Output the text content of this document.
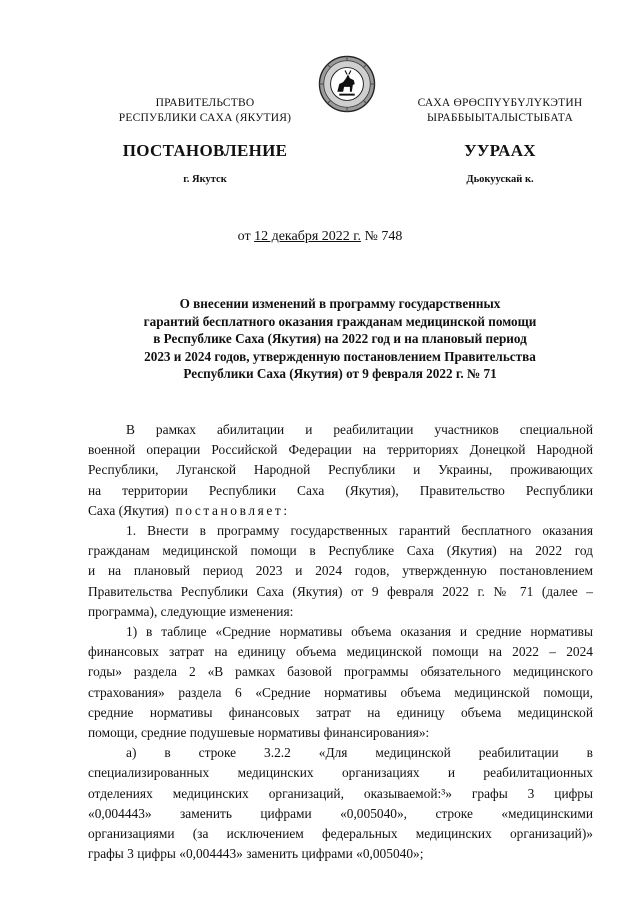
ПРАВИТЕЛЬСТВО
РЕСПУБЛИКИ САХА (ЯКУТИЯ)
САХА ӨРӨСПҮҮБҮЛҮКЭТИН
ЫРАББЫЫТАЛЫСТЫБАТА
ПОСТАНОВЛЕНИЕ	УУРААХ
г. Якутск	Дьокуускай к.
от 12 декабря 2022 г. № 748
О внесении изменений в программу государственных
гарантий бесплатного оказания гражданам медицинской помощи
в Республике Саха (Якутия) на 2022 год и на плановый период
2023 и 2024 годов, утвержденную постановлением Правительства
Республики Саха (Якутия) от 9 февраля 2022 г. № 71
В рамках абилитации и реабилитации участников специальной
военной операции Российской Федерации на территориях Донецкой Народной
Республики, Луганской Народной Республики и Украины, проживающих
на территории Республики Саха (Якутия), Правительство Республики
Саха (Якутия) постановляет:
1. Внести в программу государственных гарантий бесплатного оказания
гражданам медицинской помощи в Республике Саха (Якутия) на 2022 год
и на плановый период 2023 и 2024 годов, утвержденную постановлением
Правительства Республики Саха (Якутия) от 9 февраля 2022 г. № 71 (далее –
программа), следующие изменения:
1) в таблице «Средние нормативы объема оказания и средние нормативы
финансовых затрат на единицу объема медицинской помощи на 2022 – 2024
годы» раздела 2 «В рамках базовой программы обязательного медицинского
страхования» раздела 6 «Средние нормативы объема медицинской помощи,
средние нормативы финансовых затрат на единицу объема медицинской
помощи, средние подушевые нормативы финансирования»:
а) в строке 3.2.2 «Для медицинской реабилитации в
специализированных медицинских организациях и реабилитационных
отделениях медицинских организаций, оказываемой:³» графы 3 цифры
«0,004443» заменить цифрами «0,005040», строке «медицинскими
организациями (за исключением федеральных медицинских организаций)»
графы 3 цифры «0,004443» заменить цифрами «0,005040»;
